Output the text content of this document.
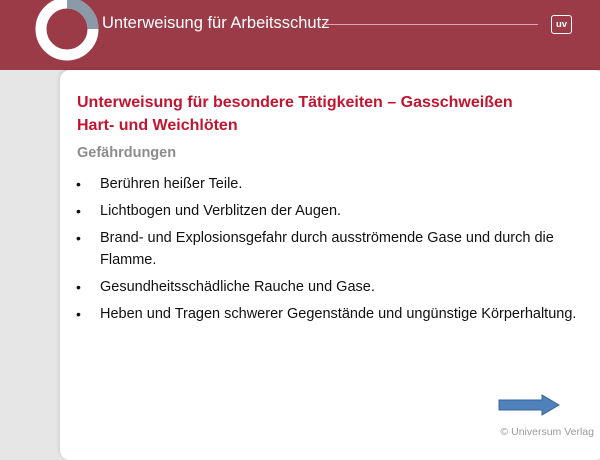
Unterweisung für Arbeitsschutz	uv
Unterweisung für besondere Tätigkeiten – Gasschweißen
Hart- und Weichlöten
Gefährdungen
• Berühren heißer Teile.
• Lichtbogen und Verblitzen der Augen.
• Brand- und Explosionsgefahr durch ausströmende Gase und durch die Flamme.
• Gesundheitsschädliche Rauche und Gase.
• Heben und Tragen schwerer Gegenstände und ungünstige Körperhaltung.
© Universum Verlag
